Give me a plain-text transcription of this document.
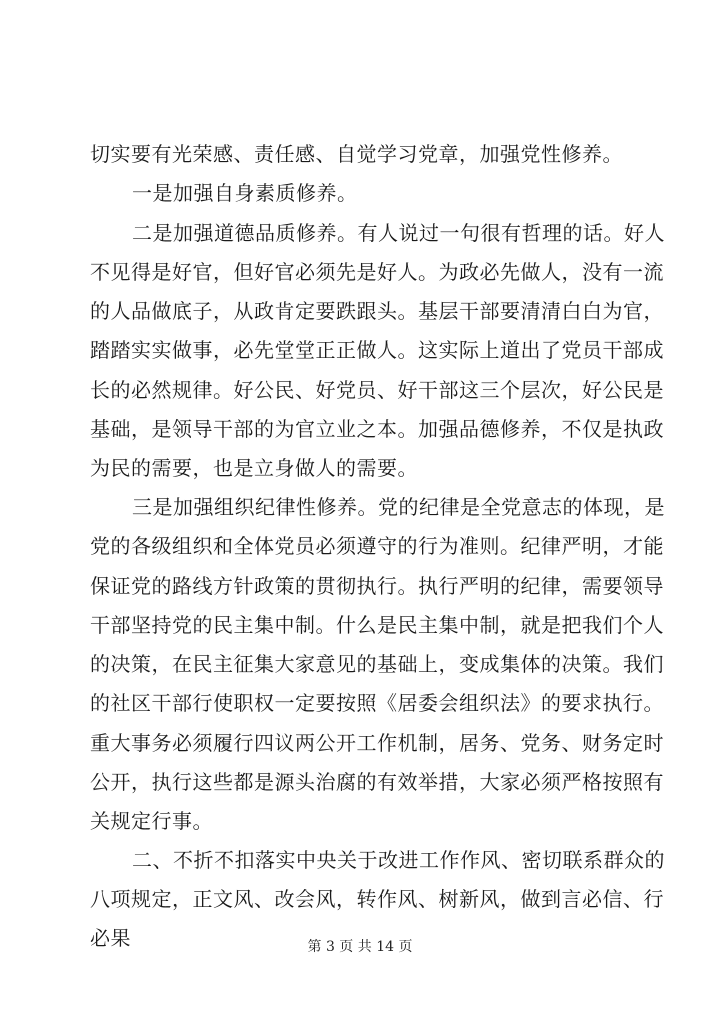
切实要有光荣感、责任感、自觉学习党章，加强党性修养。
一是加强自身素质修养。
二是加强道德品质修养。有人说过一句很有哲理的话。好人
不见得是好官，但好官必须先是好人。为政必先做人，没有一流
的人品做底子，从政肯定要跌跟头。基层干部要清清白白为官，
踏踏实实做事，必先堂堂正正做人。这实际上道出了党员干部成
长的必然规律。好公民、好党员、好干部这三个层次，好公民是
基础，是领导干部的为官立业之本。加强品德修养，不仅是执政
为民的需要，也是立身做人的需要。
三是加强组织纪律性修养。党的纪律是全党意志的体现，是
党的各级组织和全体党员必须遵守的行为准则。纪律严明，才能
保证党的路线方针政策的贯彻执行。执行严明的纪律，需要领导
干部坚持党的民主集中制。什么是民主集中制，就是把我们个人
的决策，在民主征集大家意见的基础上，变成集体的决策。我们
的社区干部行使职权一定要按照《居委会组织法》的要求执行。
重大事务必须履行四议两公开工作机制，居务、党务、财务定时
公开，执行这些都是源头治腐的有效举措，大家必须严格按照有
关规定行事。
二、不折不扣落实中央关于改进工作作风、密切联系群众的
八项规定，正文风、改会风，转作风、树新风，做到言必信、行
必果	第 3 页 共 14 页
